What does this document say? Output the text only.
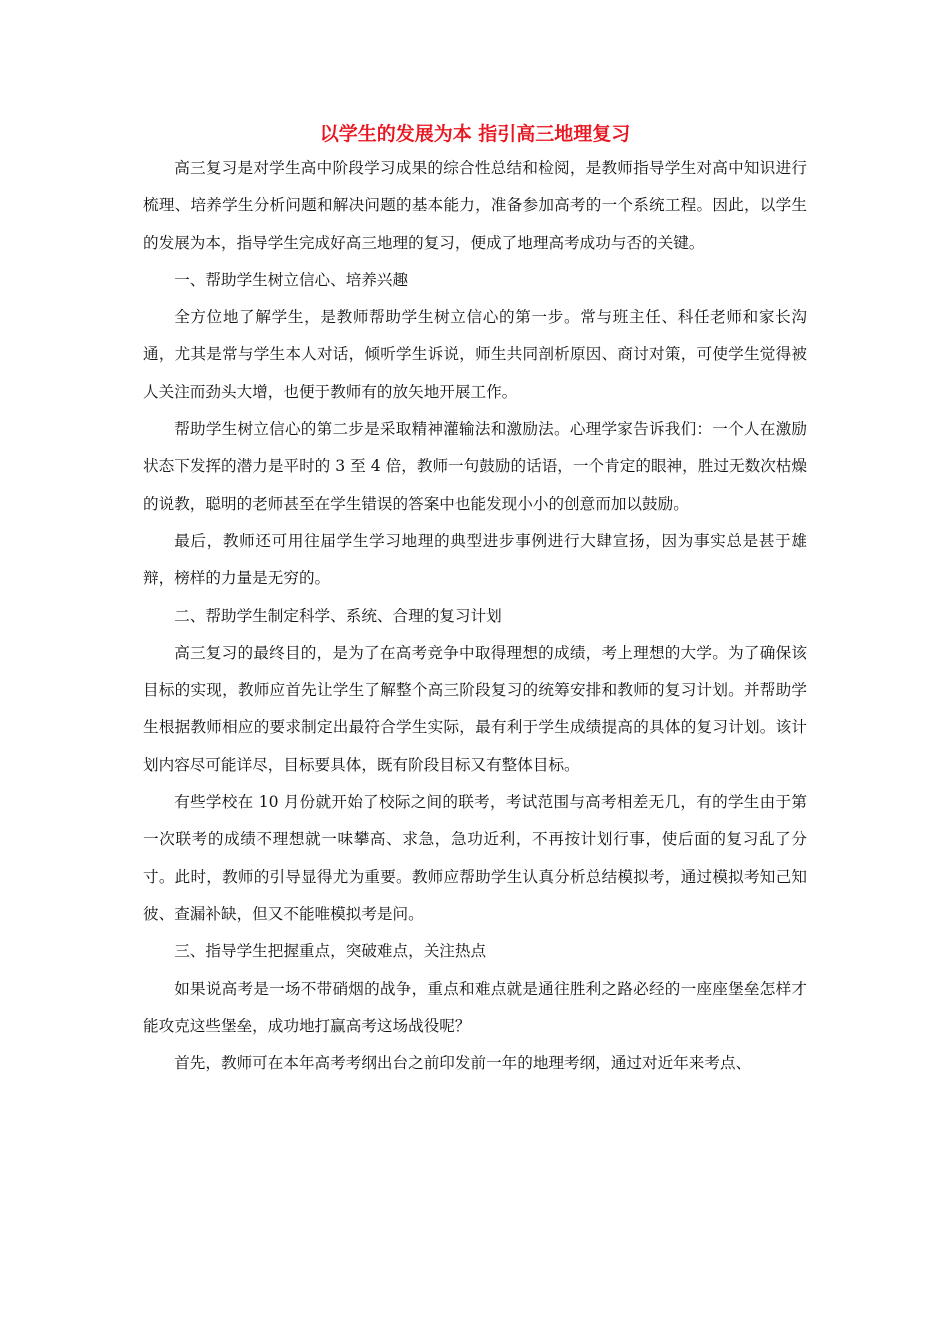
以学生的发展为本 指引高三地理复习

高三复习是对学生高中阶段学习成果的综合性总结和检阅，是教师指导学生对高中知识进行梳理、培养学生分析问题和解决问题的基本能力，准备参加高考的一个系统工程。因此，以学生的发展为本，指导学生完成好高三地理的复习，便成了地理高考成功与否的关键。

一、帮助学生树立信心、培养兴趣

全方位地了解学生，是教师帮助学生树立信心的第一步。常与班主任、科任老师和家长沟通，尤其是常与学生本人对话，倾听学生诉说，师生共同剖析原因、商讨对策，可使学生觉得被人关注而劲头大增，也便于教师有的放矢地开展工作。

帮助学生树立信心的第二步是采取精神灌输法和激励法。心理学家告诉我们：一个人在激励状态下发挥的潜力是平时的 3 至 4 倍，教师一句鼓励的话语，一个肯定的眼神，胜过无数次枯燥的说教，聪明的老师甚至在学生错误的答案中也能发现小小的创意而加以鼓励。

最后，教师还可用往届学生学习地理的典型进步事例进行大肆宣扬，因为事实总是甚于雄辩，榜样的力量是无穷的。

二、帮助学生制定科学、系统、合理的复习计划

高三复习的最终目的，是为了在高考竞争中取得理想的成绩，考上理想的大学。为了确保该目标的实现，教师应首先让学生了解整个高三阶段复习的统筹安排和教师的复习计划。并帮助学生根据教师相应的要求制定出最符合学生实际，最有利于学生成绩提高的具体的复习计划。该计划内容尽可能详尽，目标要具体，既有阶段目标又有整体目标。

有些学校在 10 月份就开始了校际之间的联考，考试范围与高考相差无几，有的学生由于第一次联考的成绩不理想就一味攀高、求急，急功近利，不再按计划行事，使后面的复习乱了分寸。此时，教师的引导显得尤为重要。教师应帮助学生认真分析总结模拟考，通过模拟考知己知彼、查漏补缺，但又不能唯模拟考是问。

三、指导学生把握重点，突破难点，关注热点

如果说高考是一场不带硝烟的战争，重点和难点就是通往胜利之路必经的一座座堡垒怎样才能攻克这些堡垒，成功地打赢高考这场战役呢？

首先，教师可在本年高考考纲出台之前印发前一年的地理考纲，通过对近年来考点、
